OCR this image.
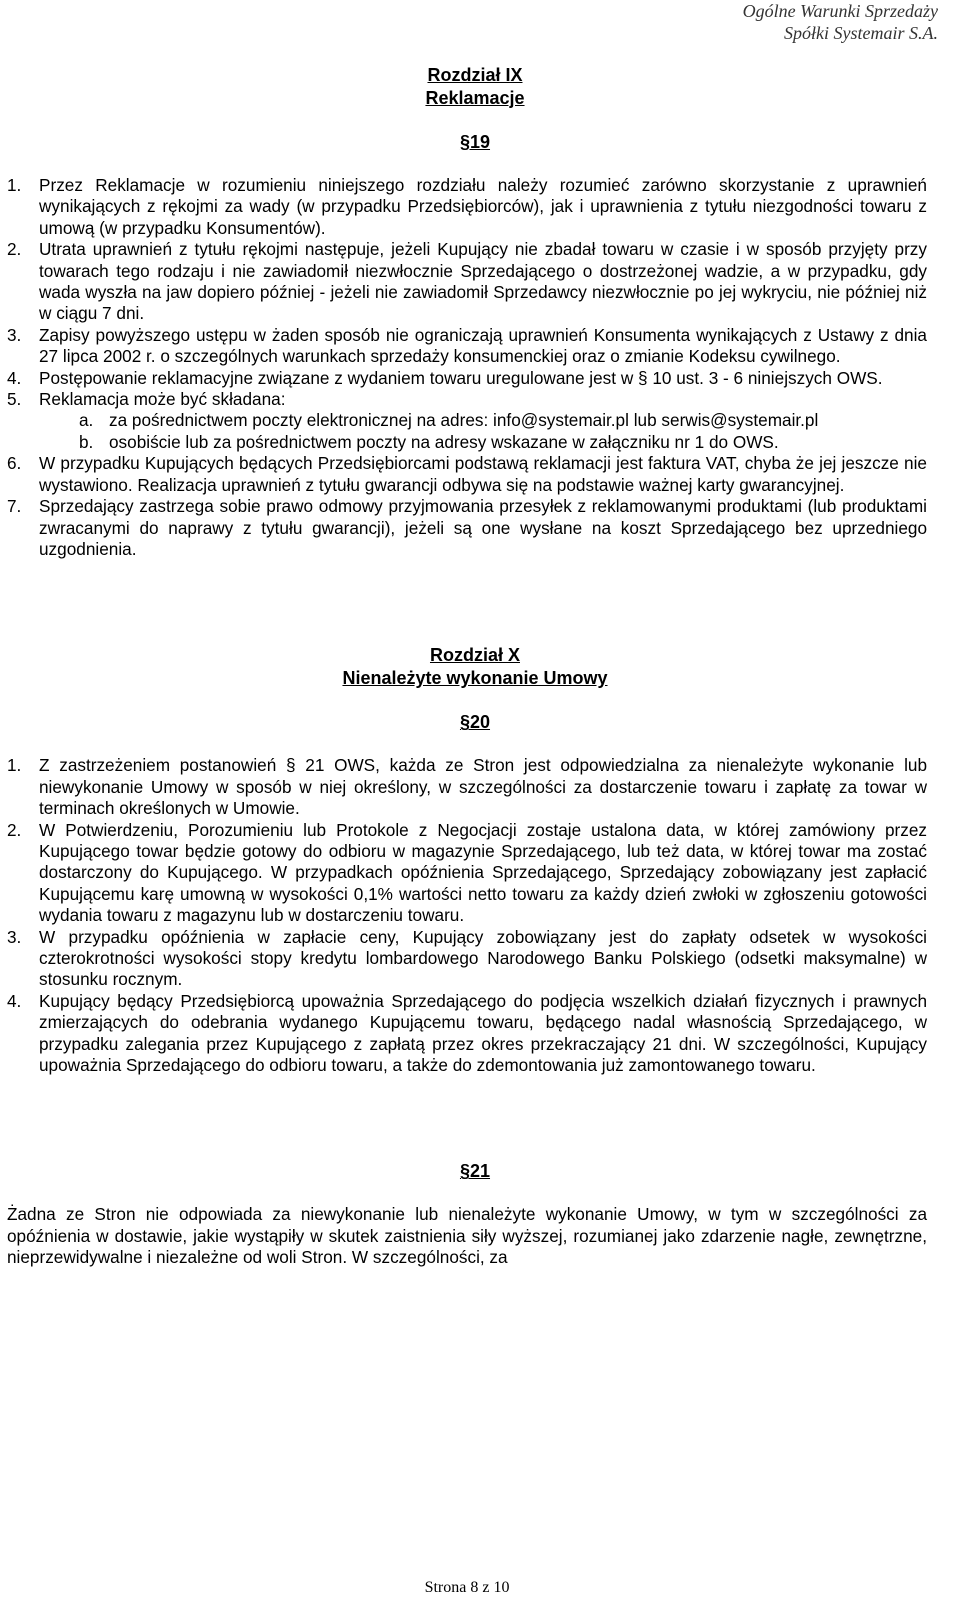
Ogólne Warunki Sprzedaży
Spółki Systemair S.A.
Rozdział IX
Reklamacje
§19
1. Przez Reklamacje w rozumieniu niniejszego rozdziału należy rozumieć zarówno skorzystanie z uprawnień wynikających z rękojmi za wady (w przypadku Przedsiębiorców), jak i uprawnienia z tytułu niezgodności towaru z umową (w przypadku Konsumentów).
2. Utrata uprawnień z tytułu rękojmi następuje, jeżeli Kupujący nie zbadał towaru w czasie i w sposób przyjęty przy towarach tego rodzaju i nie zawiadomił niezwłocznie Sprzedającego o dostrzeżonej wadzie, a w przypadku, gdy wada wyszła na jaw dopiero później - jeżeli nie zawiadomił Sprzedawcy niezwłocznie po jej wykryciu, nie później niż w ciągu 7 dni.
3. Zapisy powyższego ustępu w żaden sposób nie ograniczają uprawnień Konsumenta wynikających z Ustawy z dnia 27 lipca 2002 r. o szczególnych warunkach sprzedaży konsumenckiej oraz o zmianie Kodeksu cywilnego.
4. Postępowanie reklamacyjne związane z wydaniem towaru uregulowane jest w § 10 ust. 3 - 6 niniejszych OWS.
5. Reklamacja może być składana:
a. za pośrednictwem poczty elektronicznej na adres: info@systemair.pl lub serwis@systemair.pl
b. osobiście lub za pośrednictwem poczty na adresy wskazane w załączniku nr 1 do OWS.
6. W przypadku Kupujących będących Przedsiębiorcami podstawą reklamacji jest faktura VAT, chyba że jej jeszcze nie wystawiono. Realizacja uprawnień z tytułu gwarancji odbywa się na podstawie ważnej karty gwarancyjnej.
7. Sprzedający zastrzega sobie prawo odmowy przyjmowania przesyłek z reklamowanymi produktami (lub produktami zwracanymi do naprawy z tytułu gwarancji), jeżeli są one wysłane na koszt Sprzedającego bez uprzedniego uzgodnienia.
Rozdział X
Nienależyte wykonanie Umowy
§20
1. Z zastrzeżeniem postanowień § 21 OWS, każda ze Stron jest odpowiedzialna za nienależyte wykonanie lub niewykonanie Umowy w sposób w niej określony, w szczególności za dostarczenie towaru i zapłatę za towar w terminach określonych w Umowie.
2. W Potwierdzeniu, Porozumieniu lub Protokole z Negocjacji zostaje ustalona data, w której zamówiony przez Kupującego towar będzie gotowy do odbioru w magazynie Sprzedającego, lub też data, w której towar ma zostać dostarczony do Kupującego. W przypadkach opóźnienia Sprzedającego, Sprzedający zobowiązany jest zapłacić Kupującemu karę umowną w wysokości 0,1% wartości netto towaru za każdy dzień zwłoki w zgłoszeniu gotowości wydania towaru z magazynu lub w dostarczeniu towaru.
3. W przypadku opóźnienia w zapłacie ceny, Kupujący zobowiązany jest do zapłaty odsetek w wysokości czterokrotności wysokości stopy kredytu lombardowego Narodowego Banku Polskiego (odsetki maksymalne) w stosunku rocznym.
4. Kupujący będący Przedsiębiorcą upoważnia Sprzedającego do podjęcia wszelkich działań fizycznych i prawnych zmierzających do odebrania wydanego Kupującemu towaru, będącego nadal własnością Sprzedającego, w przypadku zalegania przez Kupującego z zapłatą przez okres przekraczający 21 dni. W szczególności, Kupujący upoważnia Sprzedającego do odbioru towaru, a także do zdemontowania już zamontowanego towaru.
§21
Żadna ze Stron nie odpowiada za niewykonanie lub nienależyte wykonanie Umowy, w tym w szczególności za opóźnienia w dostawie, jakie wystąpiły w skutek zaistnienia siły wyższej, rozumianej jako zdarzenie nagłe, zewnętrzne, nieprzewidywalne i niezależne od woli Stron. W szczególności, za
Strona 8 z 10
